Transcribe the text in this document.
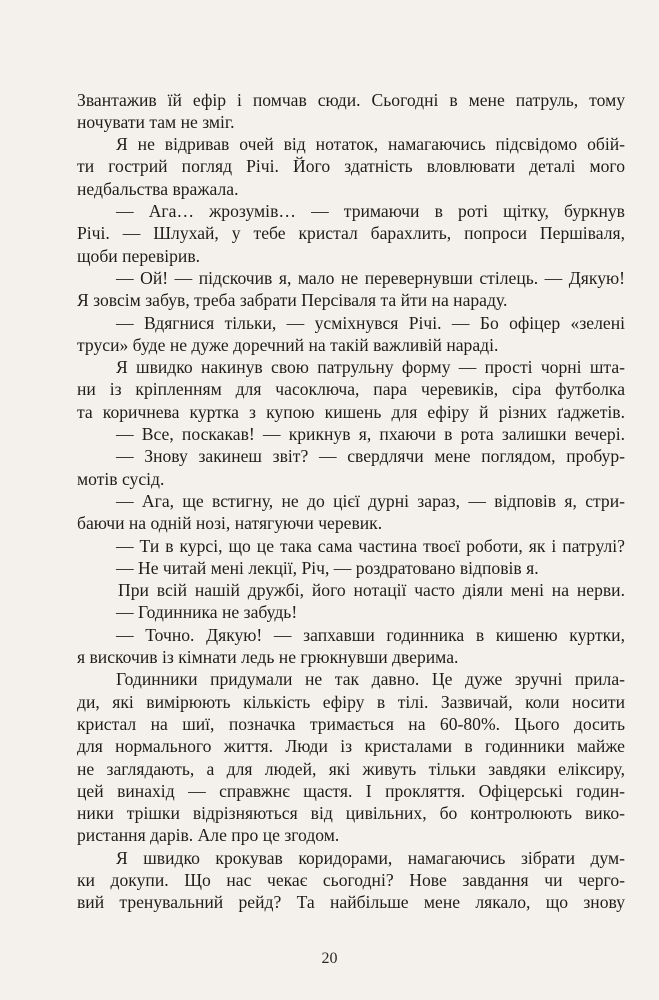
Звантажив їй ефір і помчав сюди. Сьогодні в мене патруль, тому
ночувати там не зміг.
Я не відривав очей від нотаток, намагаючись підсвідомо обій-
ти гострий погляд Річі. Його здатність вловлювати деталі мого
недбальства вражала.
— Ага… жрозумів… — тримаючи в роті щітку, буркнув
Річі. — Шлухай, у тебе кристал барахлить, попроси Першіваля,
щоби перевірив.
— Ой! — підскочив я, мало не перевернувши стілець. — Дякую!
Я зовсім забув, треба забрати Персіваля та йти на нараду.
— Вдягнися тільки, — усміхнувся Річі. — Бо офіцер «зелені
труси» буде не дуже доречний на такій важливій нараді.
Я швидко накинув свою патрульну форму — прості чорні шта-
ни із кріпленням для часоключа, пара черевиків, сіра футболка
та коричнева куртка з купою кишень для ефіру й різних ґаджетів.
— Все, поскакав! — крикнув я, пхаючи в рота залишки вечері.
— Знову закинеш звіт? — свердлячи мене поглядом, пробур-
мотів сусід.
— Ага, ще встигну, не до цієї дурні зараз, — відповів я, стри-
баючи на одній нозі, натягуючи черевик.
— Ти в курсі, що це така сама частина твоєї роботи, як і патрулі?
— Не читай мені лекції, Річ, — роздратовано відповів я.
При всій нашій дружбі, його нотації часто діяли мені на нерви.
— Годинника не забудь!
— Точно. Дякую! — запхавши годинника в кишеню куртки,
я вискочив із кімнати ледь не грюкнувши дверима.
Годинники придумали не так давно. Це дуже зручні прила-
ди, які вимірюють кількість ефіру в тілі. Зазвичай, коли носити
кристал на шиї, позначка тримається на 60-80%. Цього досить
для нормального життя. Люди із кристалами в годинники майже
не заглядають, а для людей, які живуть тільки завдяки еліксиру,
цей винахід — справжнє щастя. І прокляття. Офіцерські годин-
ники трішки відрізняються від цивільних, бо контролюють вико-
ристання дарів. Але про це згодом.
Я швидко крокував коридорами, намагаючись зібрати дум-
ки докупи. Що нас чекає сьогодні? Нове завдання чи черго-
вий тренувальний рейд? Та найбільше мене лякало, що знову
20
